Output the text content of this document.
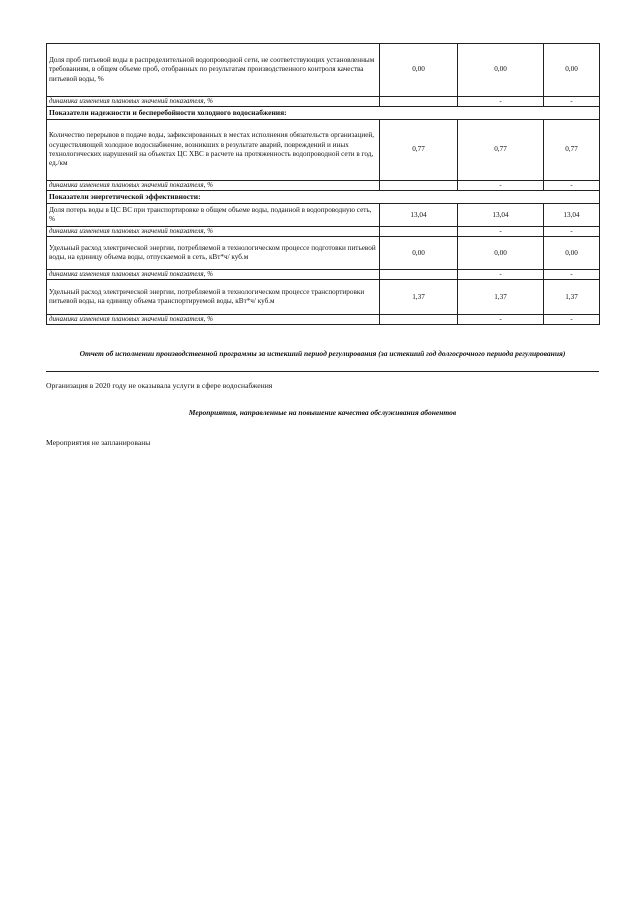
Доля проб питьевой воды в распределительной водопроводной сети, не соответствующих установленным требованиям, в общем объеме проб, отобранных по результатам производственного контроля качества питьевой воды, %	0,00	0,00	0,00
динамика изменения плановых значений показателя, %		-	-
Показатели надежности и бесперебойности холодного водоснабжения:			
Количество перерывов в подаче воды, зафиксированных в местах исполнения обязательств организацией, осуществляющей холодное водоснабжение, возникших в результате аварий, повреждений и иных технологических нарушений на объектах ЦС ХВС в расчете на протяженность водопроводной сети в год, ед./км	0,77	0,77	0,77
динамика изменения плановых значений показателя, %		-	-
Показатели энергетической эффективности:			
Доля потерь воды в ЦС ВС при транспортировке в общем объеме воды, поданной в водопроводную сеть, %	13,04	13,04	13,04
динамика изменения плановых значений показателя, %		-	-
Удельный расход электрической энергии, потребляемой в технологическом процессе подготовки питьевой воды, на единицу объема воды, отпускаемой в сеть, кВт*ч/ куб.м	0,00	0,00	0,00
динамика изменения плановых значений показателя, %		-	-
Удельный расход электрической энергии, потребляемой в технологическом процессе транспортировки питьевой воды, на единицу объема транспортируемой воды, кВт*ч/ куб.м	1,37	1,37	1,37
динамика изменения плановых значений показателя, %		-	-
Отчет об исполнении производственной программы за истекший период регулирования (за истекший год долгосрочного периода регулирования)
Организация в 2020 году не оказывала услуги в сфере водоснабжения
Мероприятия, направленные на повышение качества обслуживания абонентов
Мероприятия не запланированы
